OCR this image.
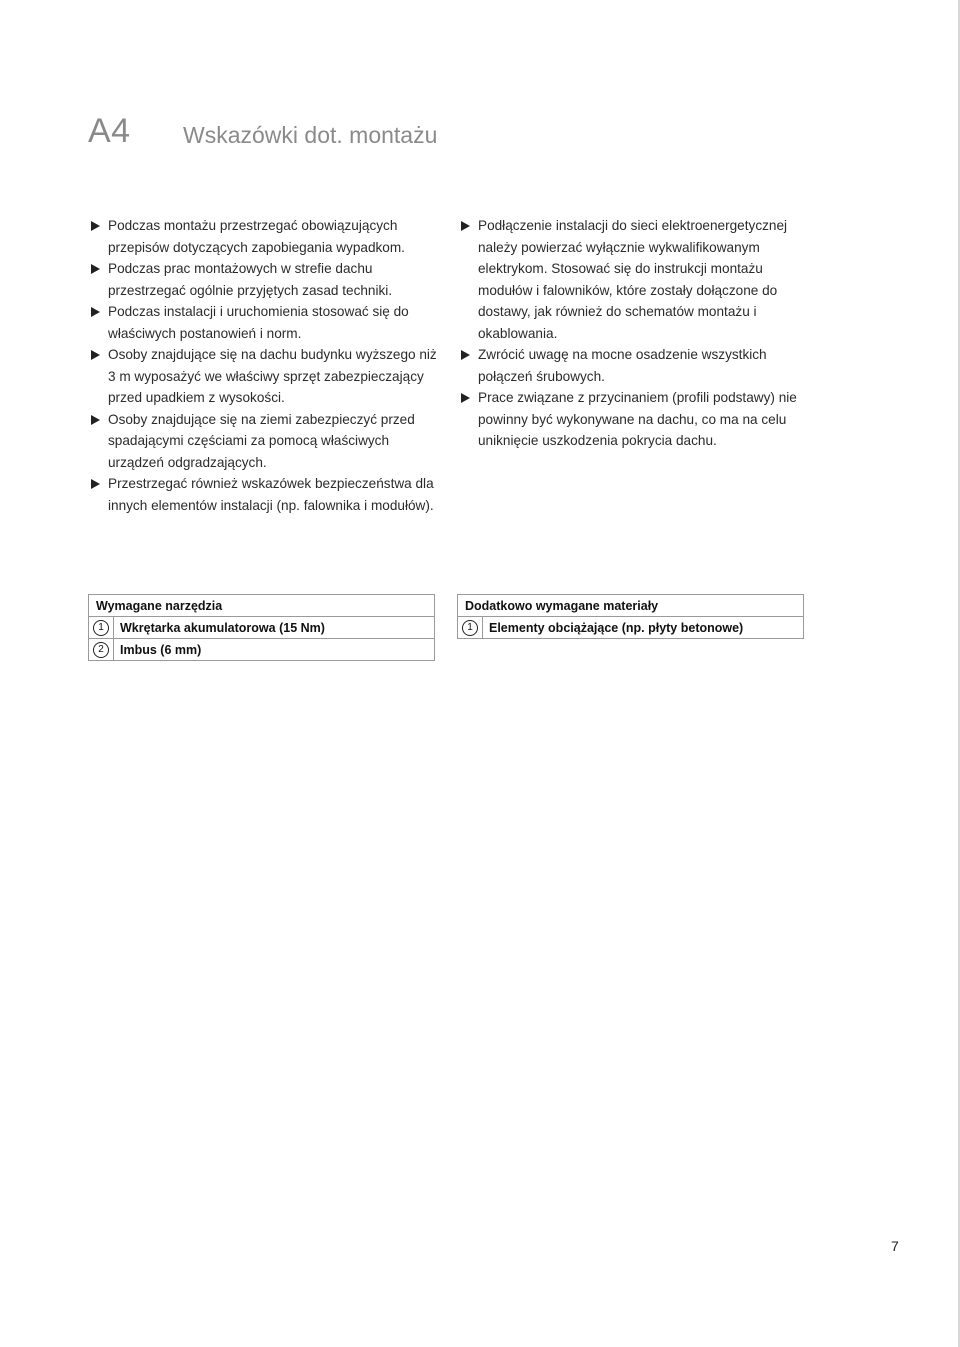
A4 Wskazówki dot. montażu
Podczas montażu przestrzegać obowiązujących przepisów dotyczących zapobiegania wypadkom.
Podczas prac montażowych w strefie dachu przestrzegać ogólnie przyjętych zasad techniki.
Podczas instalacji i uruchomienia stosować się do właściwych postanowień i norm.
Osoby znajdujące się na dachu budynku wyższego niż 3 m wyposażyć we właściwy sprzęt zabezpieczający przed upadkiem z wysokości.
Osoby znajdujące się na ziemi zabezpieczyć przed spadającymi częściami za pomocą właściwych urządzeń odgradzających.
Przestrzegać również wskazówek bezpieczeństwa dla innych elementów instalacji (np. falownika i modułów).
Podłączenie instalacji do sieci elektroenergetycznej należy powierzać wyłącznie wykwalifikowanym elektrykom. Stosować się do instrukcji montażu modułów i falowników, które zostały dołączone do dostawy, jak również do schematów montażu i okablowania.
Zwrócić uwagę na mocne osadzenie wszystkich połączeń śrubowych.
Prace związane z przycinaniem (profili podstawy) nie powinny być wykonywane na dachu, co ma na celu uniknięcie uszkodzenia pokrycia dachu.
Wymagane narzędzia	
1	Wkrętarka akumulatorowa (15 Nm)
2	Imbus (6 mm)
Dodatkowo wymagane materiały
1	Elementy obciążające (np. płyty betonowe)
7
